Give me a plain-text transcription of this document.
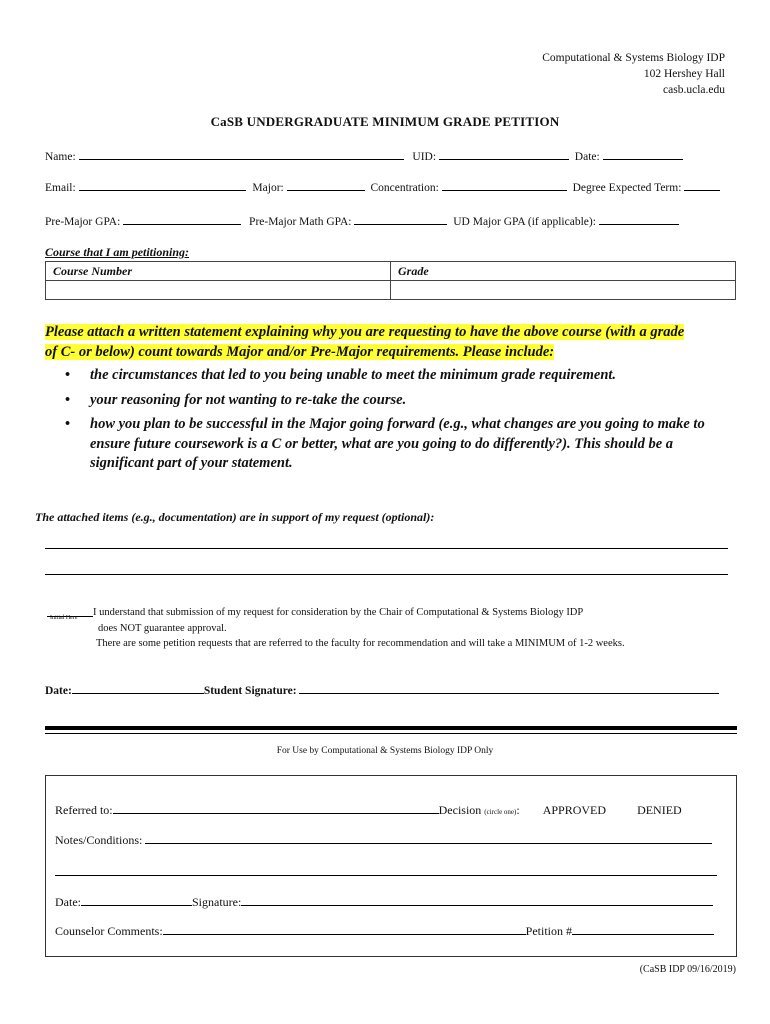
Computational & Systems Biology IDP
102 Hershey Hall
casb.ucla.edu
CaSB UNDERGRADUATE MINIMUM GRADE PETITION
Name:	UID:	Date:
Email:	Major:	Concentration:	Degree Expected Term:
Pre-Major GPA:	Pre-Major Math GPA:	UD Major GPA (if applicable):
Course that I am petitioning:
Course Number	Grade

Please attach a written statement explaining why you are requesting to have the above course (with a grade
of C- or below) count towards Major and/or Pre-Major requirements. Please include:
• the circumstances that led to you being unable to meet the minimum grade requirement.
• your reasoning for not wanting to re-take the course.
• how you plan to be successful in the Major going forward (e.g., what changes are you going to make to ensure future coursework is a C or better, what are you going to do differently?). This should be a significant part of your statement.
The attached items (e.g., documentation) are in support of my request (optional):
Initial Here I understand that submission of my request for consideration by the Chair of Computational & Systems Biology IDP
does NOT guarantee approval.
There are some petition requests that are referred to the faculty for recommendation and will take a MINIMUM of 1-2 weeks.
Date:	Student Signature:
For Use by Computational & Systems Biology IDP Only
Referred to:	Decision (circle one): APPROVED	DENIED
Notes/Conditions:
Date:	Signature:
Counselor Comments:	Petition #
(CaSB IDP 09/16/2019)
